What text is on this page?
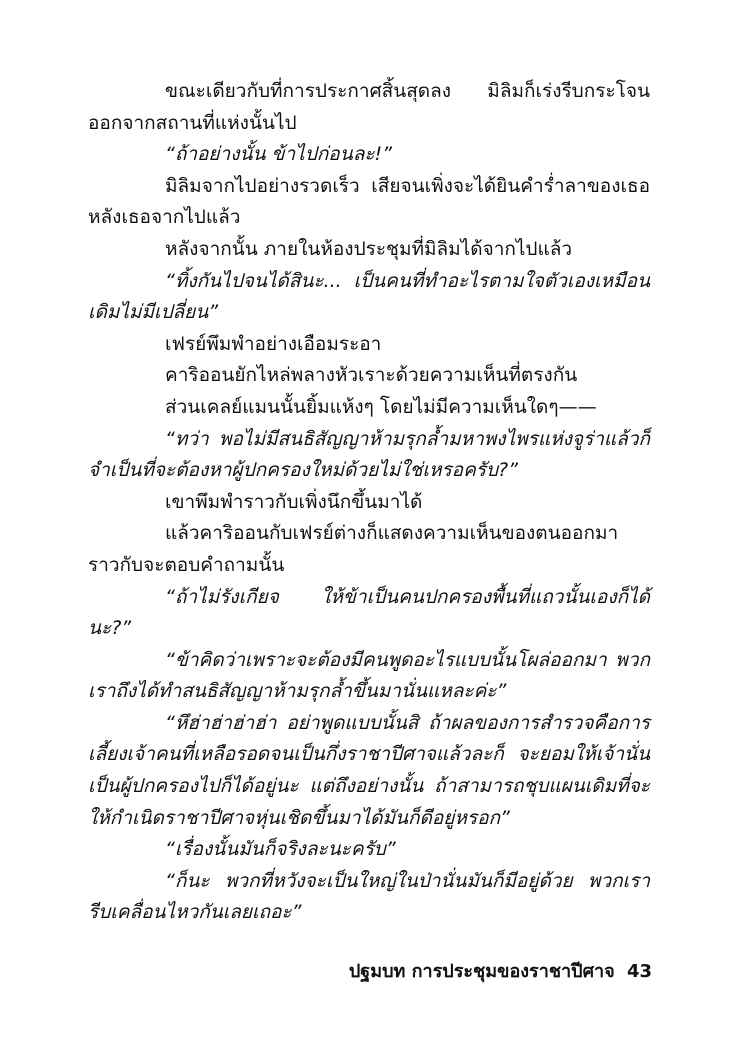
ขณะเดียวกับที่การประกาศสิ้นสุดลง มิลิมก็เร่งรีบกระโจนออกจากสถานที่แห่งนั้นไป

“ถ้าอย่างนั้น ข้าไปก่อนละ!”

มิลิมจากไปอย่างรวดเร็ว เสียจนเพิ่งจะได้ยินคำร่ำลาของเธอหลังเธอจากไปแล้ว

หลังจากนั้น ภายในห้องประชุมที่มิลิมได้จากไปแล้ว

“ทิ้งกันไปจนได้สินะ... เป็นคนที่ทำอะไรตามใจตัวเองเหมือนเดิมไม่มีเปลี่ยน”

เฟรย์พึมพำอย่างเอือมระอา

คาริออนยักไหล่พลางหัวเราะด้วยความเห็นที่ตรงกัน

ส่วนเคลย์แมนนั้นยิ้มแห้งๆ โดยไม่มีความเห็นใดๆ——

“ทว่า พอไม่มีสนธิสัญญาห้ามรุกล้ำมหาพงไพรแห่งจูร่าแล้วก็จำเป็นที่จะต้องหาผู้ปกครองใหม่ด้วยไม่ใช่เหรอครับ?”

เขาพึมพำราวกับเพิ่งนึกขึ้นมาได้

แล้วคาริออนกับเฟรย์ต่างก็แสดงความเห็นของตนออกมาราวกับจะตอบคำถามนั้น

“ถ้าไม่รังเกียจ ให้ข้าเป็นคนปกครองพื้นที่แถวนั้นเองก็ได้นะ?”

“ข้าคิดว่าเพราะจะต้องมีคนพูดอะไรแบบนั้นโผล่ออกมา พวกเราถึงได้ทำสนธิสัญญาห้ามรุกล้ำขึ้นมานั่นแหละค่ะ”

“หึฮ่าฮ่าฮ่าฮ่า อย่าพูดแบบนั้นสิ ถ้าผลของการสำรวจคือการเลี้ยงเจ้าคนที่เหลือรอดจนเป็นกึ่งราชาปีศาจแล้วละก็ จะยอมให้เจ้านั่นเป็นผู้ปกครองไปก็ได้อยู่นะ แต่ถึงอย่างนั้น ถ้าสามารถชุบแผนเดิมที่จะให้กำเนิดราชาปีศาจหุ่นเชิดขึ้นมาได้มันก็ดีอยู่หรอก”

“เรื่องนั้นมันก็จริงละนะครับ”

“ก็นะ พวกที่หวังจะเป็นใหญ่ในป่านั่นมันก็มีอยู่ด้วย พวกเรารีบเคลื่อนไหวกันเลยเถอะ”

ปฐมบท การประชุมของราชาปีศาจ 43
